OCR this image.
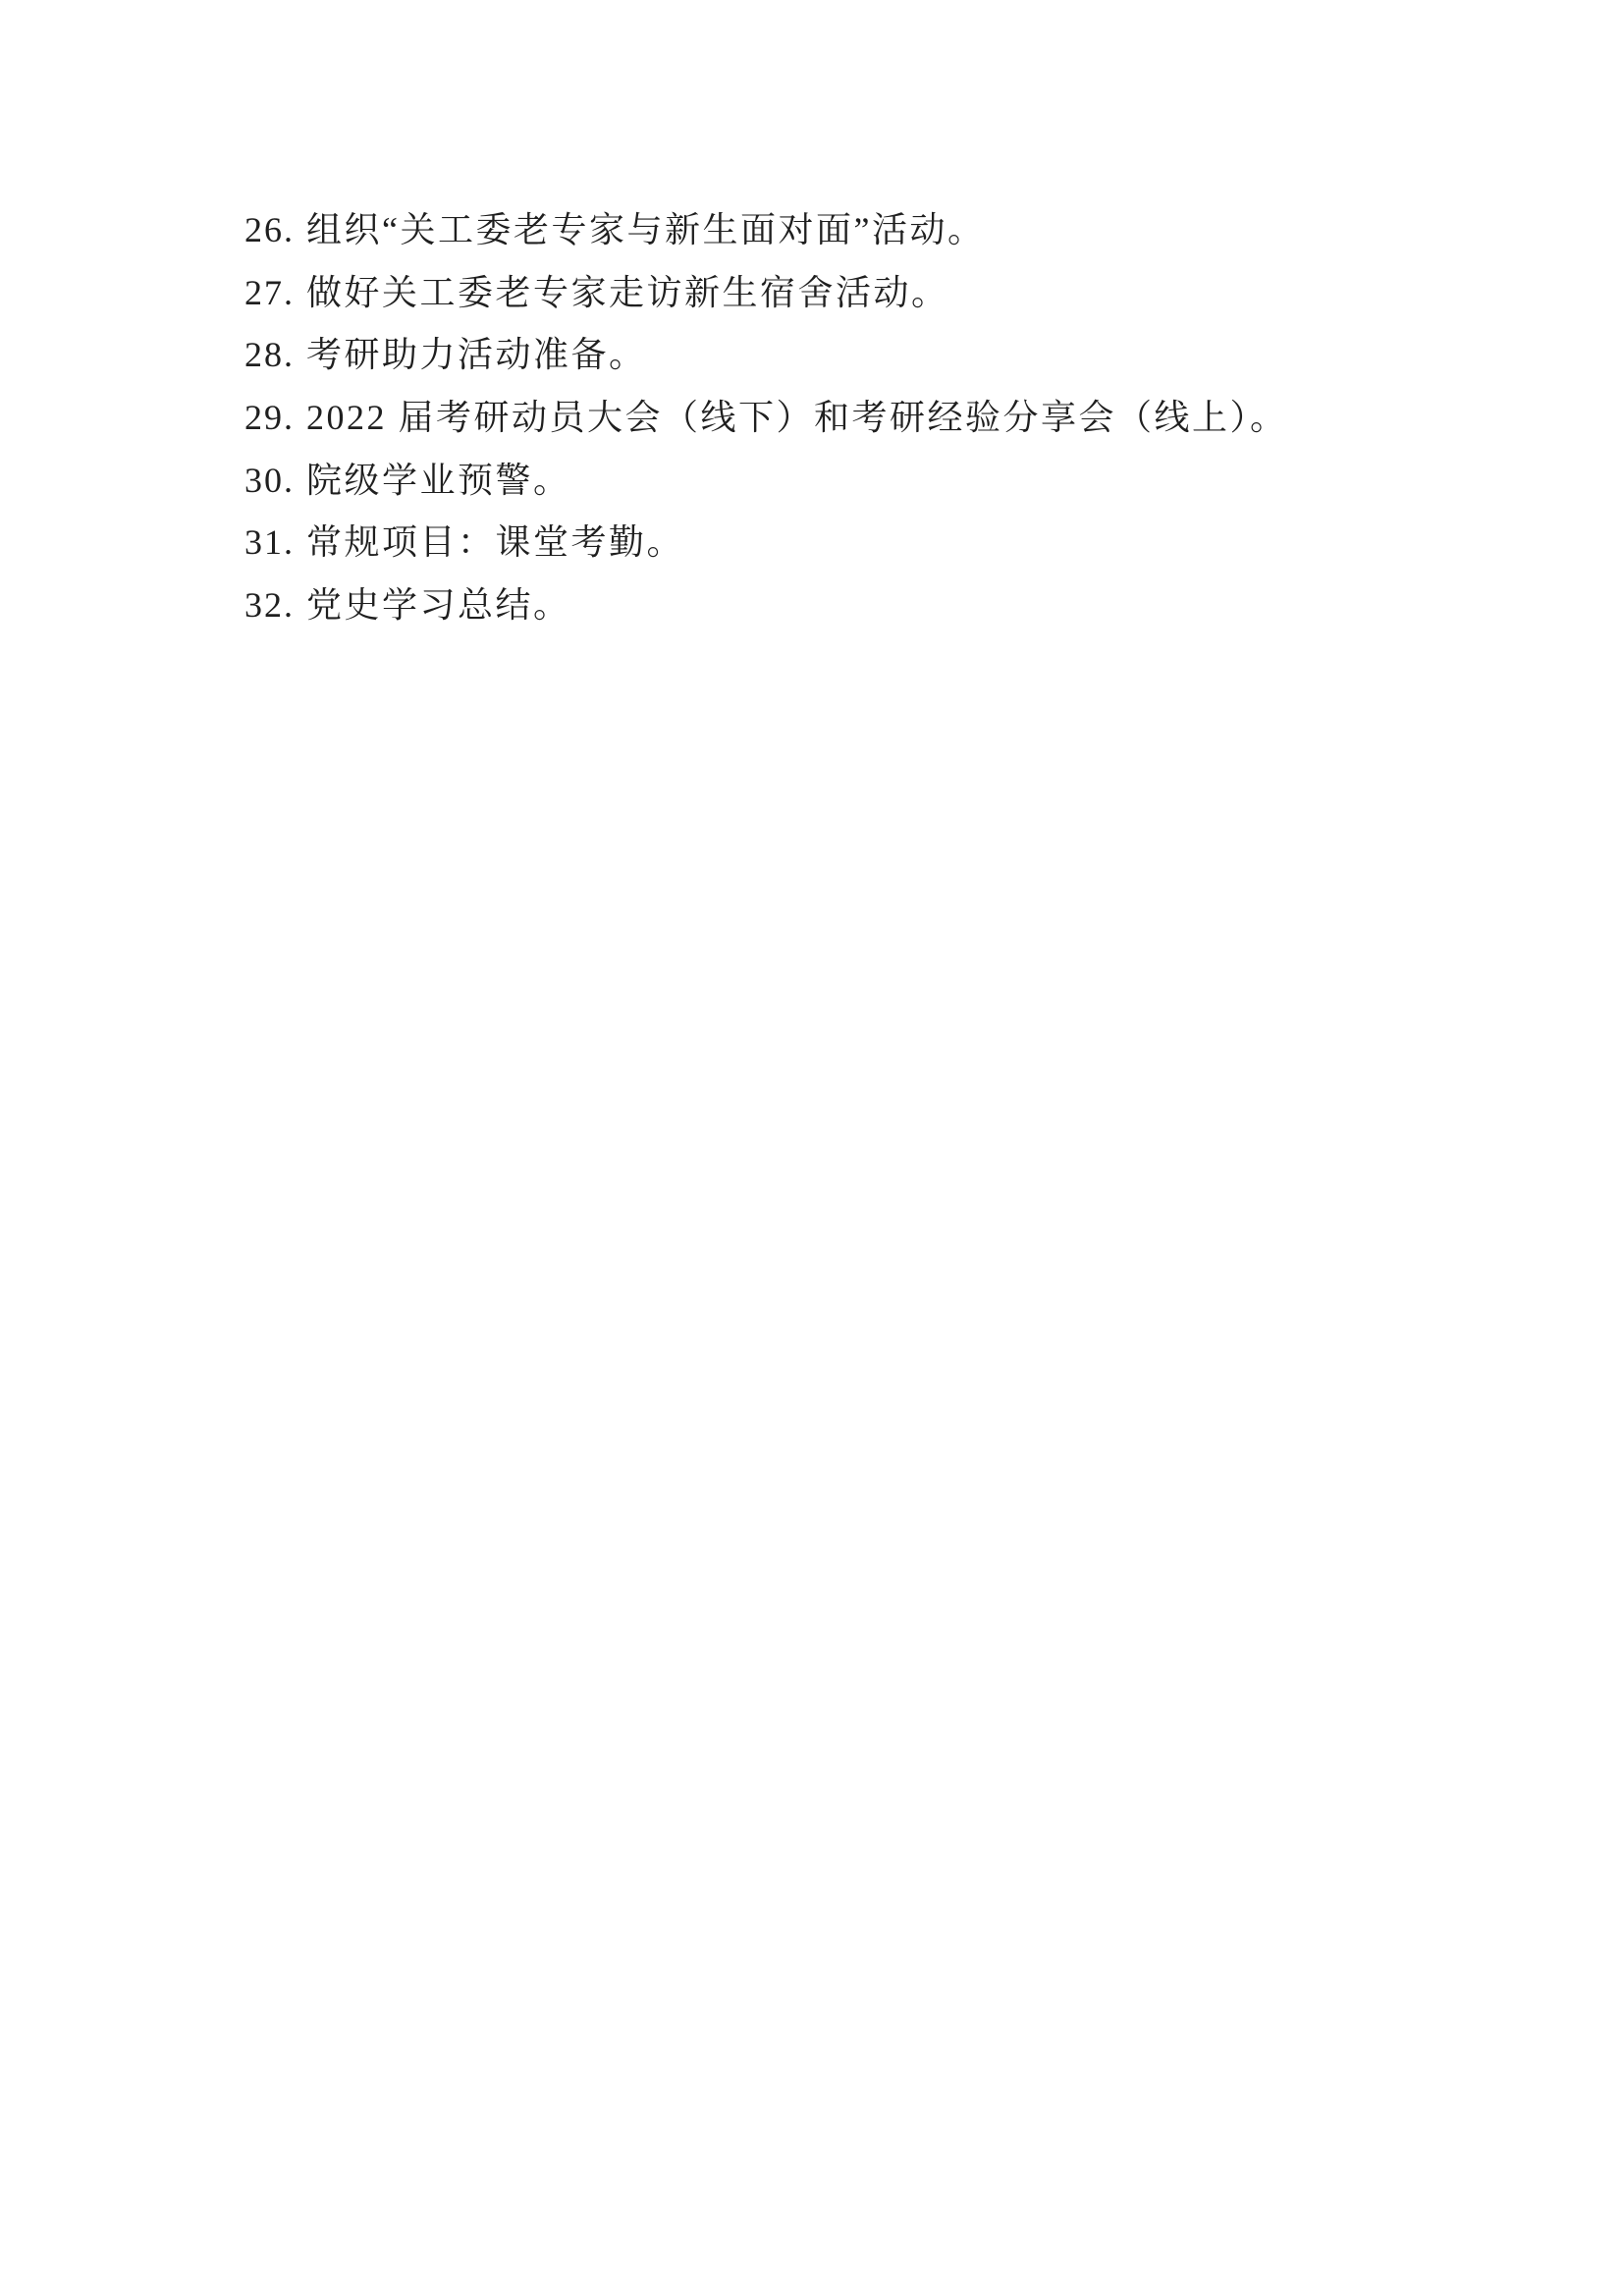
26. 组织“关工委老专家与新生面对面”活动。
27. 做好关工委老专家走访新生宿舍活动。
28. 考研助力活动准备。
29. 2022 届考研动员大会（线下）和考研经验分享会（线上）。
30. 院级学业预警。
31. 常规项目：课堂考勤。
32. 党史学习总结。
